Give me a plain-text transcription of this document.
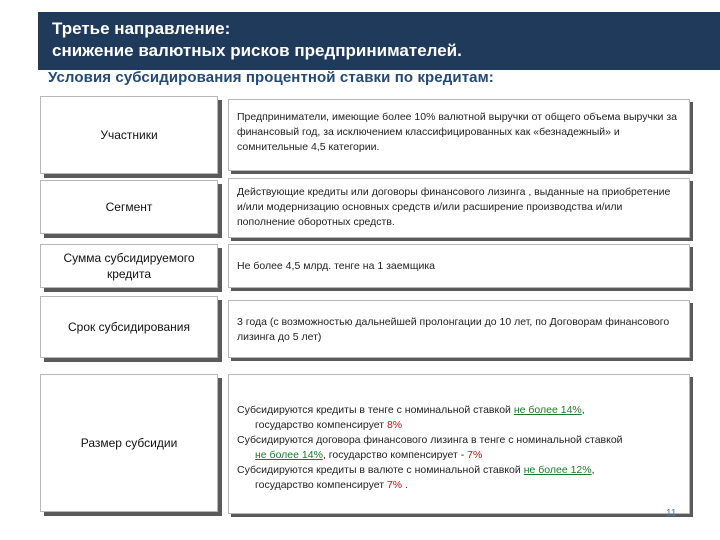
Третье направление:
снижение валютных рисков предпринимателей.
Условия субсидирования процентной ставки по кредитам:
Участники
Предприниматели, имеющие более 10% валютной выручки от общего объема выручки за финансовый год, за исключением классифицированных как «безнадежный» и сомнительные 4,5 категории.
Сегмент
Действующие кредиты или договоры финансового лизинга , выданные на приобретение и/или модернизацию основных средств и/или расширение производства и/или пополнение оборотных средств.
Сумма субсидируемого кредита
Не более 4,5 млрд. тенге на 1 заемщика
Срок субсидирования	3 года (с возможностью дальнейшей пролонгации до 10 лет, по Договорам финансового лизинга до 5 лет)
Размер субсидии
Субсидируются кредиты в тенге с номинальной ставкой не более 14%,
государство компенсирует 8%
Субсидируются договора финансового лизинга в тенге с номинальной ставкой
не более 14%, государство компенсирует - 7%
Субсидируются кредиты в валюте с номинальной ставкой не более 12%,
государство компенсирует 7% .
11
